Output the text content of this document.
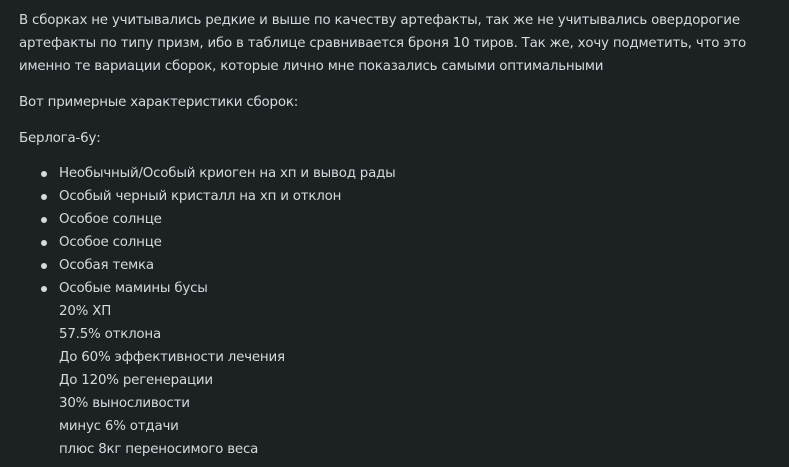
В сборках не учитывались редкие и выше по качеству артефакты, так же не учитывались овердорогие артефакты по типу призм, ибо в таблице сравнивается броня 10 тиров. Так же, хочу подметить, что это именно те вариации сборок, которые лично мне показались самыми оптимальными

Вот примерные характеристики сборок:

Берлога-6у:

Необычный/Особый криоген на хп и вывод рады
Особый черный кристалл на хп и отклон
Особое солнце
Особое солнце
Особая темка
Особые мамины бусы
20% ХП
57.5% отклона
До 60% эффективности лечения
До 120% регенерации
30% выносливости
минус 6% отдачи
плюс 8кг переносимого веса
